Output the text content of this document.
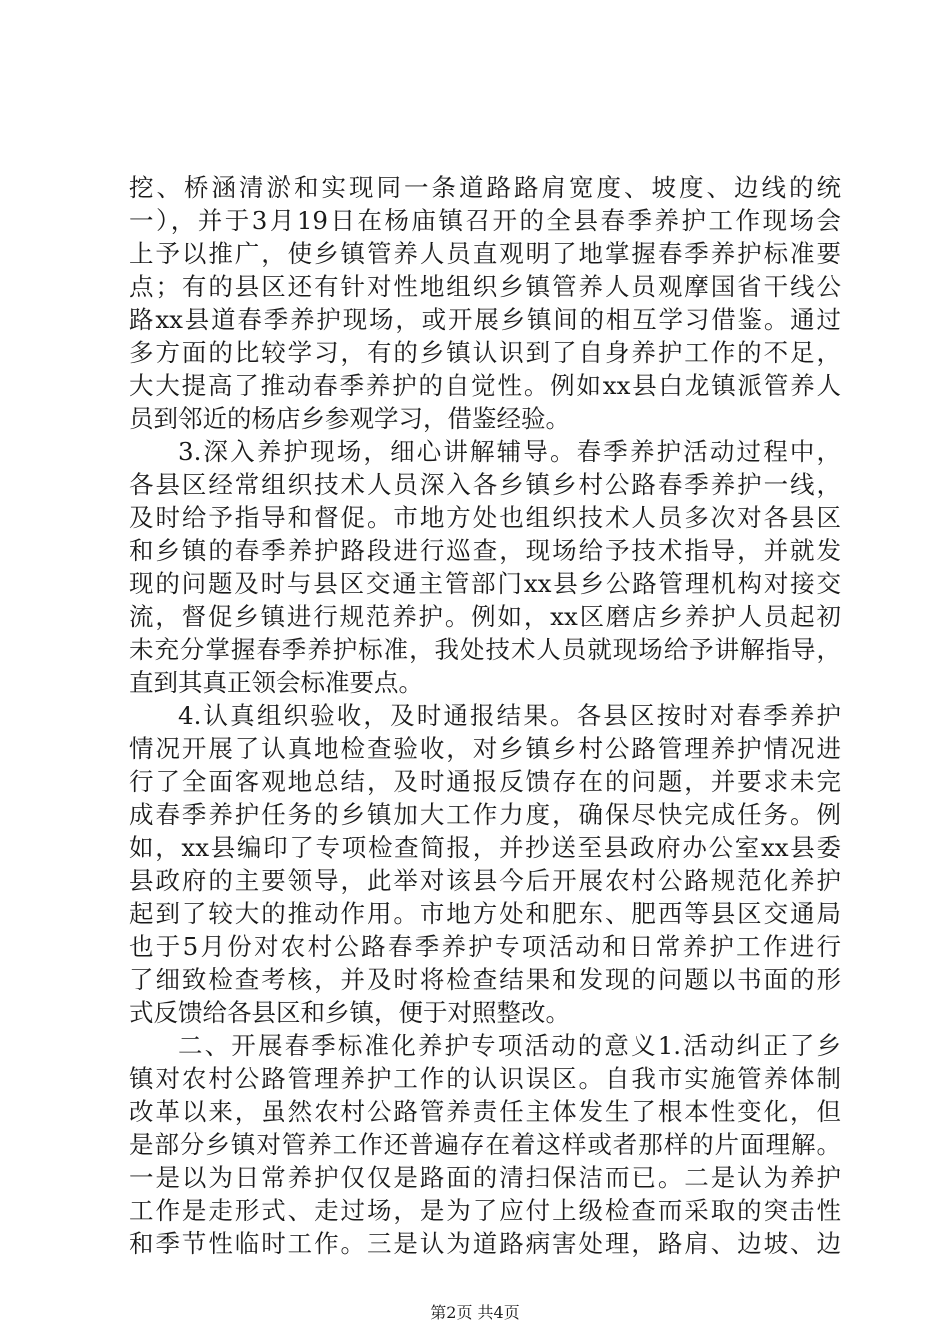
挖、桥涵清淤和实现同一条道路路肩宽度、坡度、边线的统
一），并于3月19日在杨庙镇召开的全县春季养护工作现场会
上予以推广，使乡镇管养人员直观明了地掌握春季养护标准要
点；有的县区还有针对性地组织乡镇管养人员观摩国省干线公
路xx县道春季养护现场，或开展乡镇间的相互学习借鉴。通过
多方面的比较学习，有的乡镇认识到了自身养护工作的不足，
大大提高了推动春季养护的自觉性。例如xx县白龙镇派管养人
员到邻近的杨店乡参观学习，借鉴经验。
3.深入养护现场，细心讲解辅导。春季养护活动过程中，
各县区经常组织技术人员深入各乡镇乡村公路春季养护一线，
及时给予指导和督促。市地方处也组织技术人员多次对各县区
和乡镇的春季养护路段进行巡查，现场给予技术指导，并就发
现的问题及时与县区交通主管部门xx县乡公路管理机构对接交
流，督促乡镇进行规范养护。例如，xx区磨店乡养护人员起初
未充分掌握春季养护标准，我处技术人员就现场给予讲解指导，
直到其真正领会标准要点。
4.认真组织验收，及时通报结果。各县区按时对春季养护
情况开展了认真地检查验收，对乡镇乡村公路管理养护情况进
行了全面客观地总结，及时通报反馈存在的问题，并要求未完
成春季养护任务的乡镇加大工作力度，确保尽快完成任务。例
如，xx县编印了专项检查简报，并抄送至县政府办公室xx县委
县政府的主要领导，此举对该县今后开展农村公路规范化养护
起到了较大的推动作用。市地方处和肥东、肥西等县区交通局
也于5月份对农村公路春季养护专项活动和日常养护工作进行
了细致检查考核，并及时将检查结果和发现的问题以书面的形
式反馈给各县区和乡镇，便于对照整改。
二、开展春季标准化养护专项活动的意义1.活动纠正了乡
镇对农村公路管理养护工作的认识误区。自我市实施管养体制
改革以来，虽然农村公路管养责任主体发生了根本性变化，但
是部分乡镇对管养工作还普遍存在着这样或者那样的片面理解。
一是以为日常养护仅仅是路面的清扫保洁而已。二是认为养护
工作是走形式、走过场，是为了应付上级检查而采取的突击性
和季节性临时工作。三是认为道路病害处理，路肩、边坡、边
第2页 共4页
